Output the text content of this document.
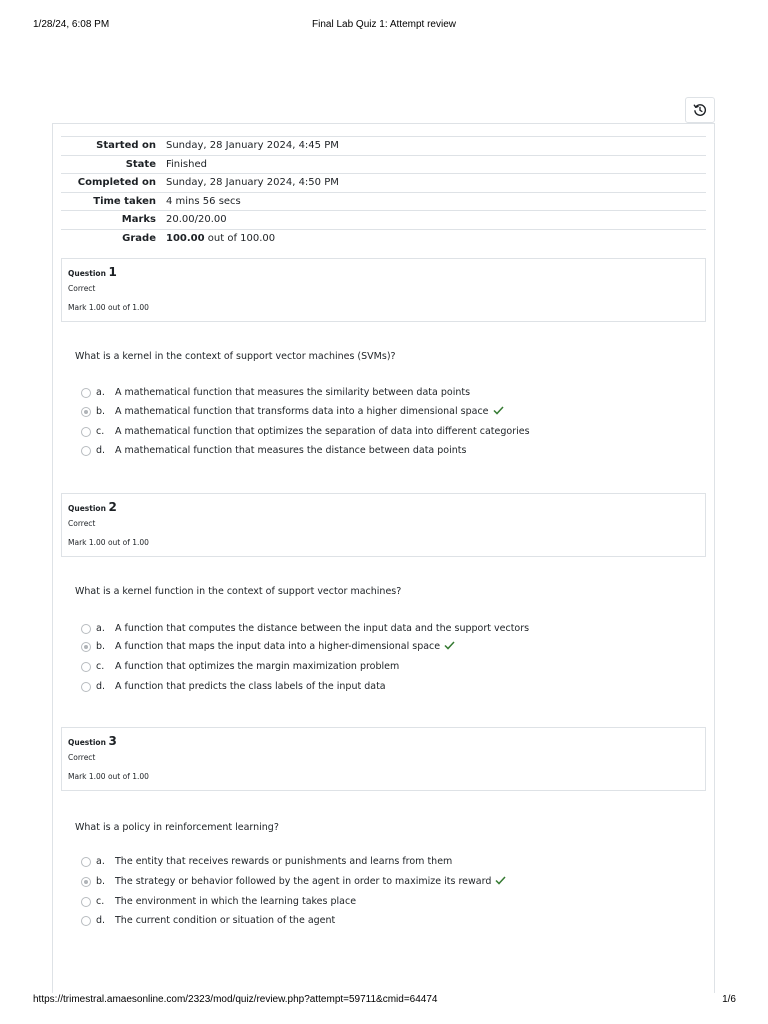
1/28/24, 6:08 PM	Final Lab Quiz 1: Attempt review
Started on	Sunday, 28 January 2024, 4:45 PM
State	Finished
Completed on	Sunday, 28 January 2024, 4:50 PM
Time taken	4 mins 56 secs
Marks	20.00/20.00
Grade	100.00 out of 100.00
Question 1
Correct
Mark 1.00 out of 1.00
What is a kernel in the context of support vector machines (SVMs)?
a. A mathematical function that measures the similarity between data points
b. A mathematical function that transforms data into a higher dimensional space
c. A mathematical function that optimizes the separation of data into different categories
d. A mathematical function that measures the distance between data points
Question 2
Correct
Mark 1.00 out of 1.00
What is a kernel function in the context of support vector machines?
a. A function that computes the distance between the input data and the support vectors
b. A function that maps the input data into a higher-dimensional space
c. A function that optimizes the margin maximization problem
d. A function that predicts the class labels of the input data
Question 3
Correct
Mark 1.00 out of 1.00
What is a policy in reinforcement learning?
a. The entity that receives rewards or punishments and learns from them
b. The strategy or behavior followed by the agent in order to maximize its reward
c. The environment in which the learning takes place
d. The current condition or situation of the agent
https://trimestral.amaesonline.com/2323/mod/quiz/review.php?attempt=59711&cmid=64474	1/6
